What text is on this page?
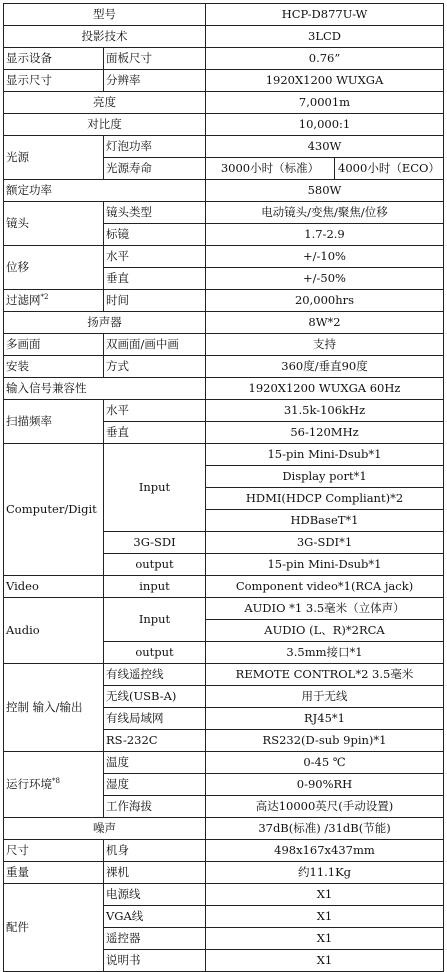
型号		HCP-D877U-W	
投影技术		3LCD	
显示设备	面板尺寸	0.76”	
显示尺寸	分辨率	1920X1200 WUXGA	
亮度		7,0001m	
对比度		10,000:1	
光源	灯泡功率	430W	
	光源寿命	3000小时（标准）	4000小时（ECO）
额定功率		580W	
镜头	镜头类型	电动镜头/变焦/聚焦/位移	
	标镜	1.7-2.9	
位移	水平	+/-10%	
	垂直	+/-50%	
过滤网$^{*2}$	时间	20,000hrs	
扬声器		8W*2	
多画面	双画面/画中画	支持	
安装	方式	360度/垂直90度	
输入信号兼容性		1920X1200 WUXGA 60Hz	
扫描频率	水平	31.5k-106kHz	
	垂直	56-120MHz	
Computer/Digit	Input	15-pin Mini-Dsub*1	
		Display port*1	
		HDMI(HDCP Compliant)*2	
		HDBaseT*1	
	3G-SDI	3G-SDI*1	
	output	15-pin Mini-Dsub*1	
Video	input	Component video*1(RCA jack)	
Audio	Input	AUDIO *1 3.5毫米（立体声）	
		AUDIO (L、R)*2RCA	
	output	3.5mm接口*1	
控制 输入/输出	有线遥控线	REMOTE CONTROL*2 3.5毫米	
	无线(USB-A)	用于无线	
	有线局域网	RJ45*1	
	RS-232C	RS232(D-sub 9pin)*1	
运行环境$^{*8}$	温度	0-45 ℃	
	湿度	0-90%RH	
	工作海拔	高达10000英尺(手动设置)	
噪声		37dB(标准) /31dB(节能)	
尺寸	机身	498x167x437mm	
重量	裸机	约11.1Kg	
配件	电源线	X1	
	VGA线	X1	
	遥控器	X1	
	说明书	X1	
